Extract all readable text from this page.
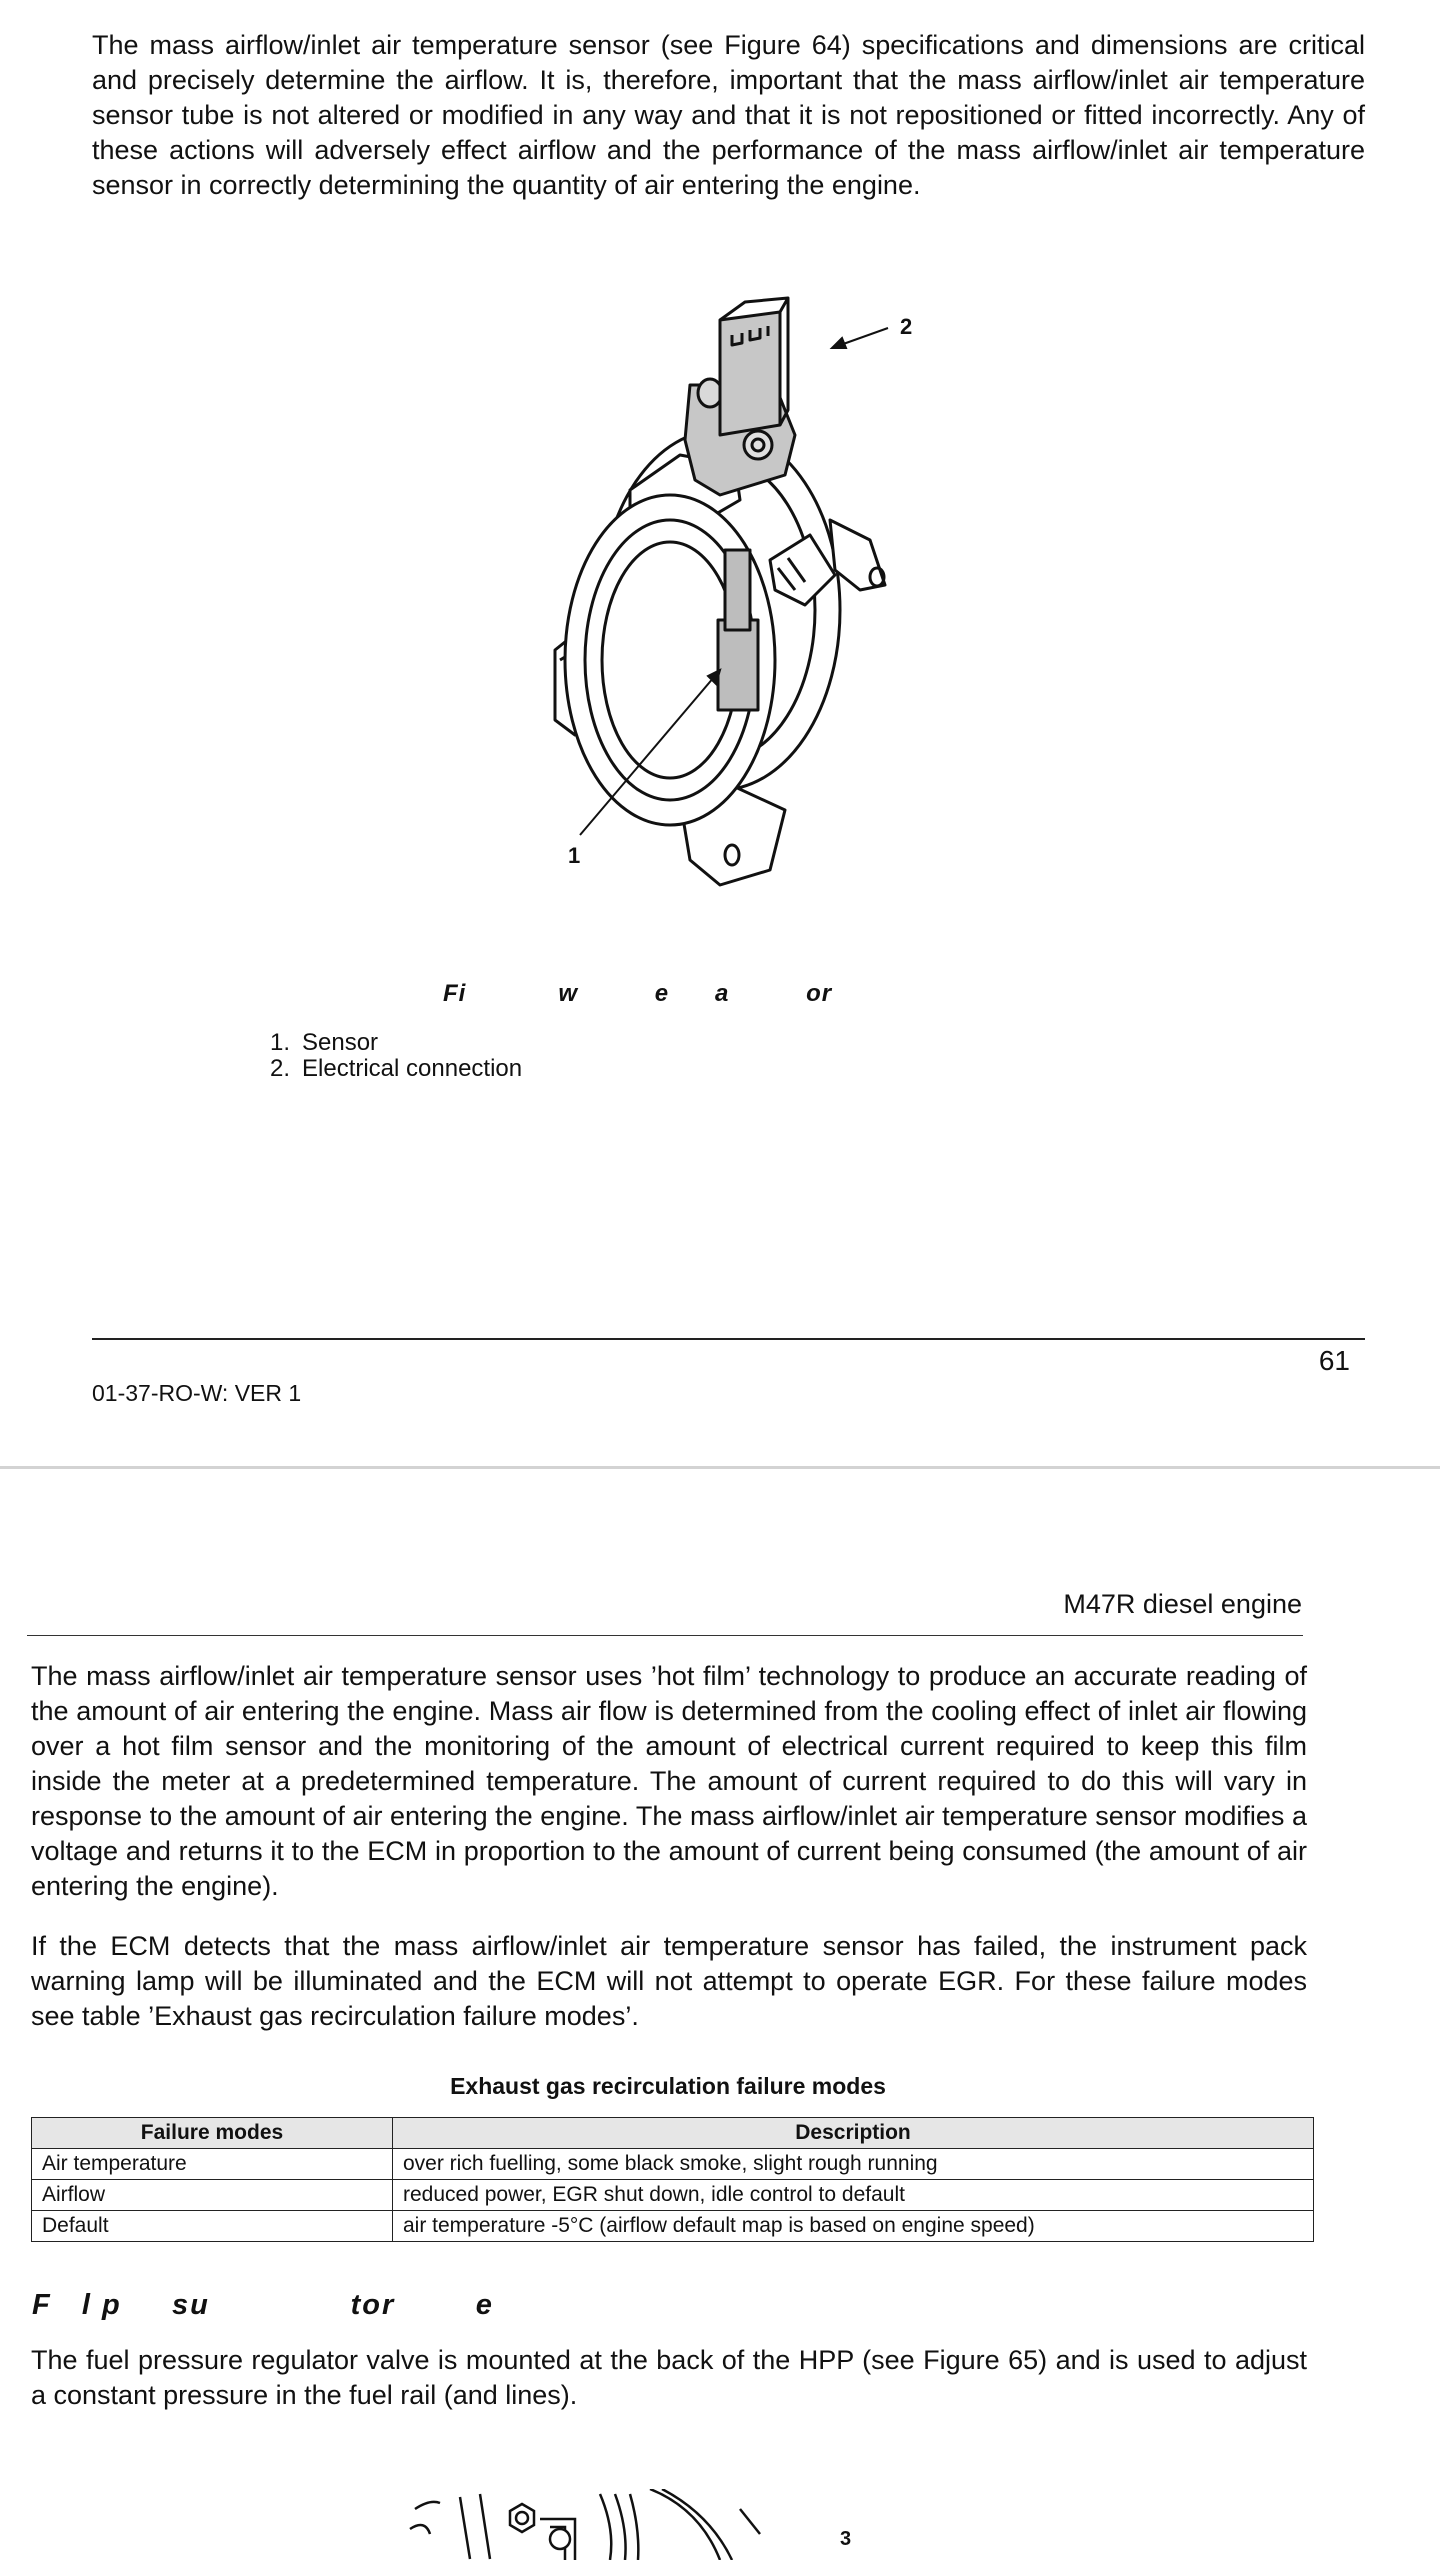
The mass airflow/inlet air temperature sensor (see Figure 64) specifications and dimensions are critical and precisely determine the airflow. It is, therefore, important that the mass airflow/inlet air temperature sensor tube is not altered or modified in any way and that it is not repositioned or fitted incorrectly. Any of these actions will adversely effect airflow and the performance of the mass airflow/inlet air temperature sensor in correctly determining the quantity of air entering the engine.

1
2
Fi            w          e      a          or
1. Sensor
2. Electrical connection
61
01-37-RO-W: VER 1
M47R diesel engine

The mass airflow/inlet air temperature sensor uses ’hot film’ technology to produce an accurate reading of the amount of air entering the engine. Mass air flow is determined from the cooling effect of inlet air flowing over a hot film sensor and the monitoring of the amount of electrical current required to keep this film inside the meter at a predetermined temperature. The amount of current required to do this will vary in response to the amount of air entering the engine. The mass airflow/inlet air temperature sensor modifies a voltage and returns it to the ECM in proportion to the amount of current being consumed (the amount of air entering the engine).

If the ECM detects that the mass airflow/inlet air temperature sensor has failed, the instrument pack warning lamp will be illuminated and the ECM will not attempt to operate EGR. For these failure modes see table ’Exhaust gas recirculation failure modes’.

Exhaust gas recirculation failure modes
Failure modes	Description
Air temperature	over rich fuelling, some black smoke, slight rough running
Airflow	reduced power, EGR shut down, idle control to default
Default	air temperature -5°C (airflow default map is based on engine speed)
F   l p     su              tor        e

The fuel pressure regulator valve is mounted at the back of the HPP (see Figure 65) and is used to adjust a constant pressure in the fuel rail (and lines).

3
